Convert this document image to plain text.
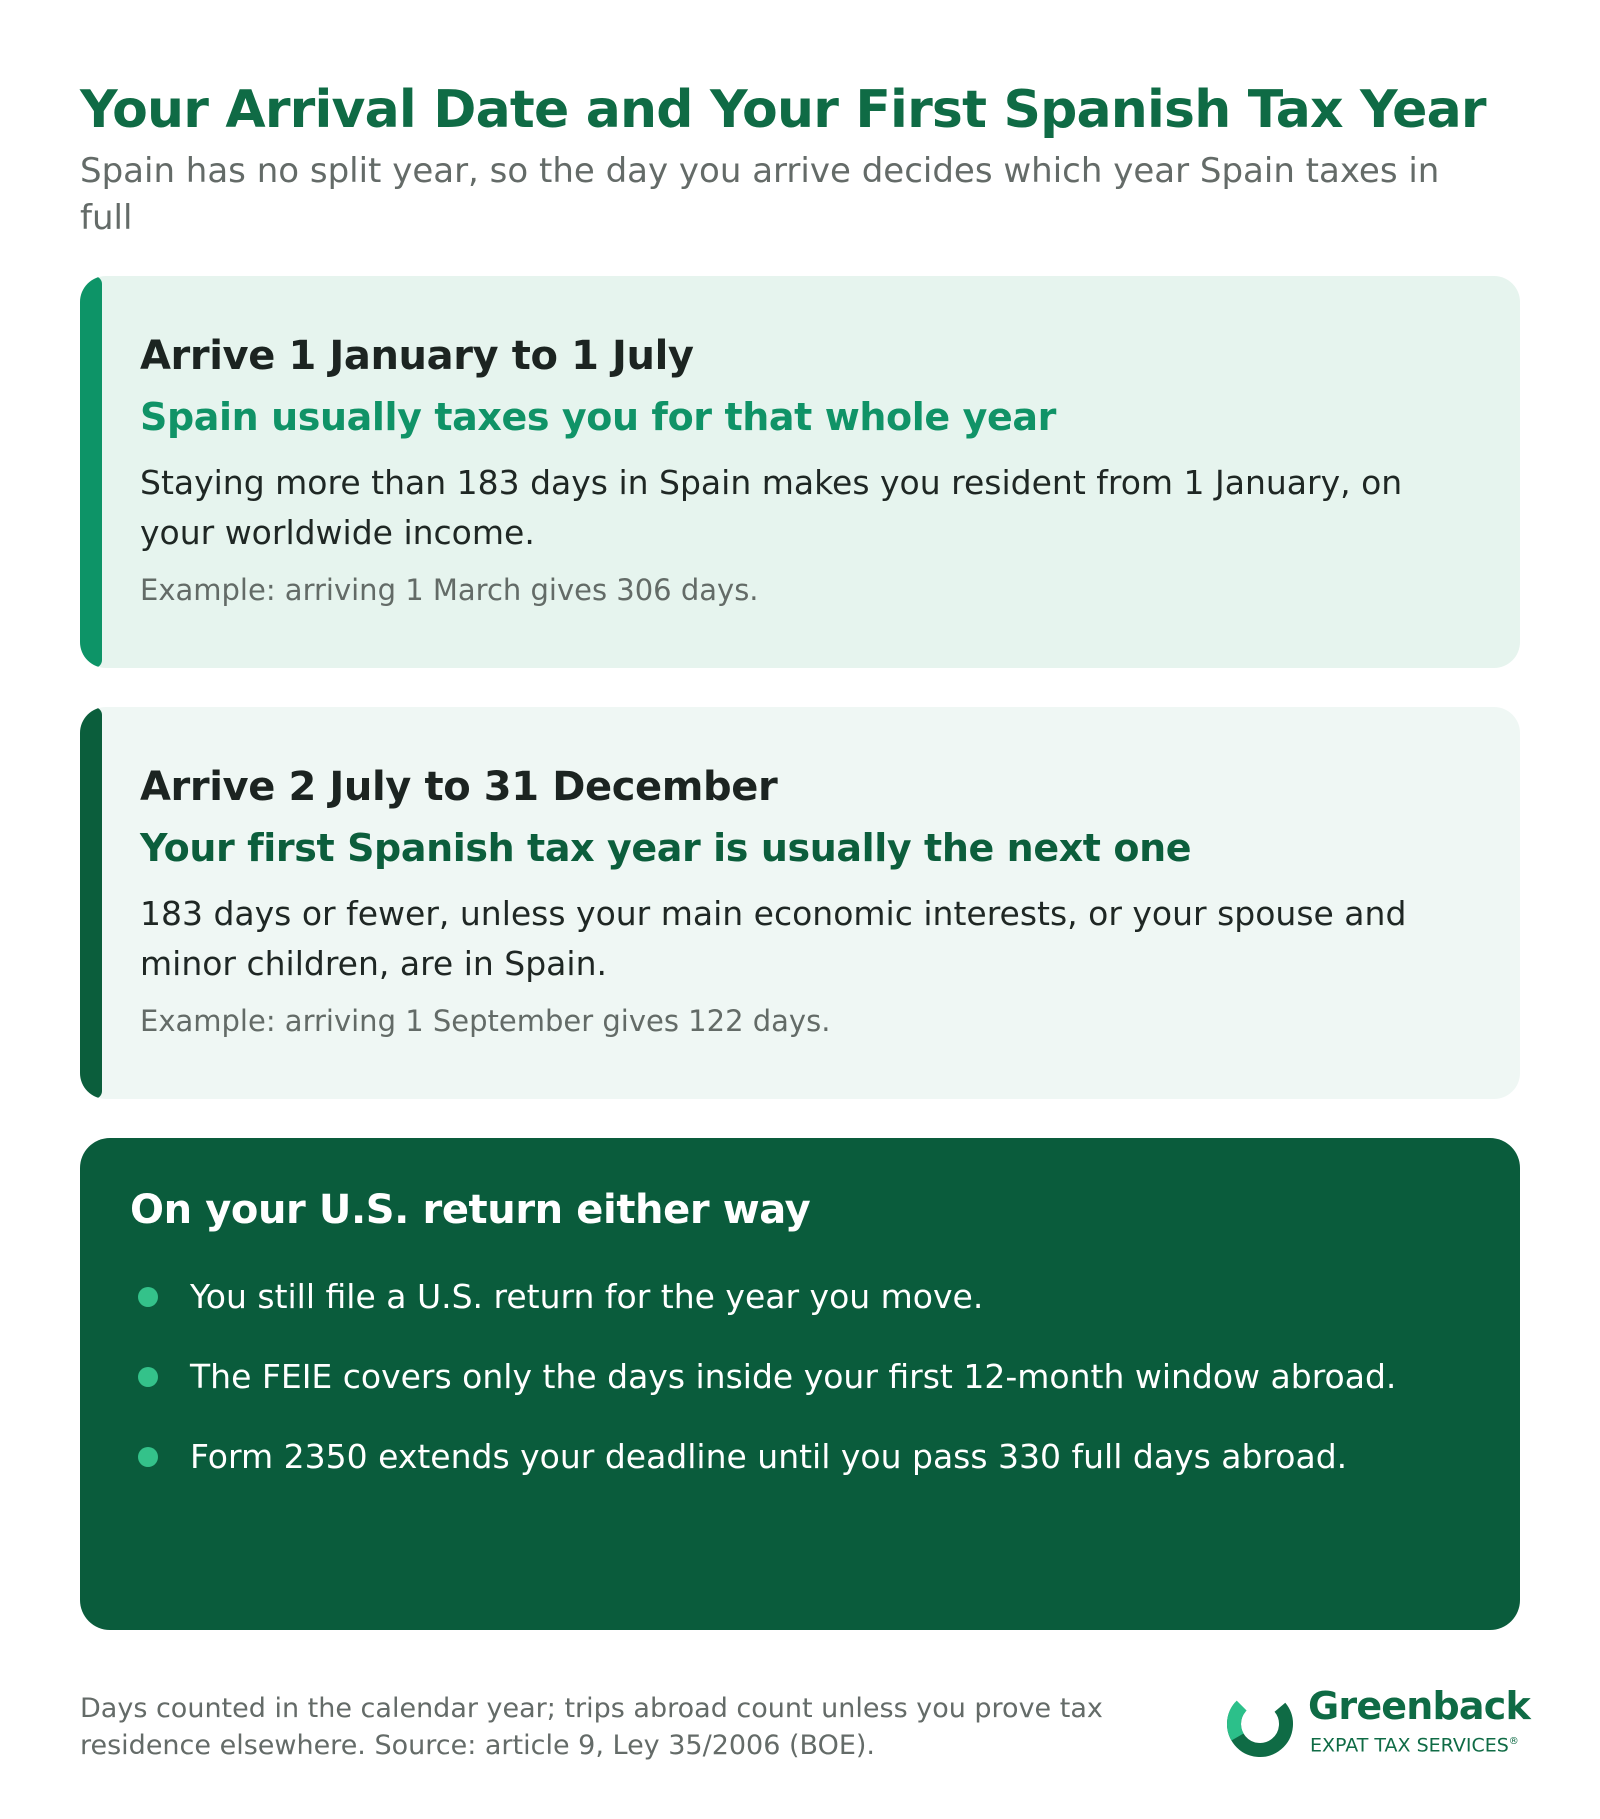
Your Arrival Date and Your First Spanish Tax Year

Spain has no split year, so the day you arrive decides which year Spain taxes in full

Arrive 1 January to 1 July
Spain usually taxes you for that whole year

Staying more than 183 days in Spain makes you resident from 1 January, on your worldwide income.

Example: arriving 1 March gives 306 days.

Arrive 2 July to 31 December
Your first Spanish tax year is usually the next one

183 days or fewer, unless your main economic interests, or your spouse and minor children, are in Spain.

Example: arriving 1 September gives 122 days.

On your U.S. return either way
You still file a U.S. return for the year you move.
The FEIE covers only the days inside your first 12-month window abroad.
Form 2350 extends your deadline until you pass 330 full days abroad.

Days counted in the calendar year; trips abroad count unless you prove tax residence elsewhere. Source: article 9, Ley 35/2006 (BOE).

Greenback
EXPAT TAX SERVICES®
